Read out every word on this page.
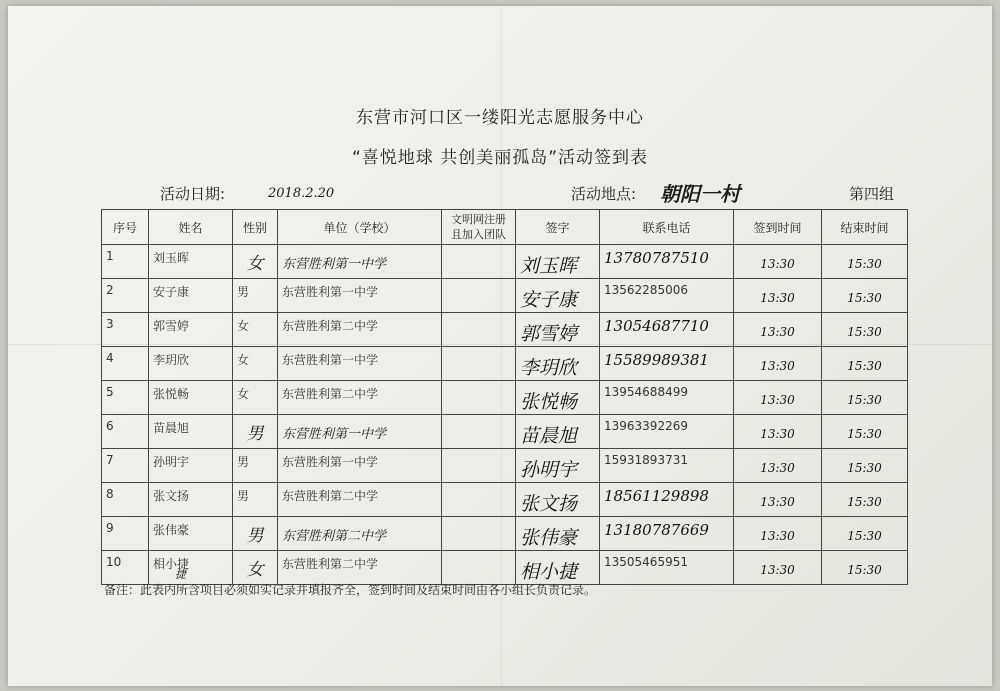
东营市河口区一缕阳光志愿服务中心
“喜悦地球 共创美丽孤岛”活动签到表
活动日期:	2018.2.20	活动地点: 朝阳一村	第四组
序号	姓名	性别	单位（学校）	文明网注册且加入团队	签字	联系电话	签到时间	结束时间

1	刘玉晖	女	东营胜利第一中学		刘玉晖	13780787510	13:30	15:30

2	安子康	男	东营胜利第一中学		安子康	13562285006	13:30	15:30

3	郭雪婷	女	东营胜利第二中学		郭雪婷	13054687710	13:30	15:30

4	李玥欣	女	东营胜利第一中学		李玥欣	15589989381	13:30	15:30

5	张悦畅	女	东营胜利第二中学		张悦畅	13954688499	13:30	15:30

6	苗晨旭	男	东营胜利第一中学		苗晨旭	13963392269	13:30	15:30

7	孙明宇	男	东营胜利第一中学		孙明宇	15931893731	13:30	15:30

8	张文扬	男	东营胜利第二中学		张文扬	18561129898	13:30	15:30

9	张伟豪	男	东营胜利第二中学		张伟豪	13180787669	13:30	15:30

10	相小捷	女	东营胜利第二中学		相小捷	13505465951	13:30	15:30
捷
备注：此表内所含项目必须如实记录并填报齐全，签到时间及结束时间由各小组长负责记录。
